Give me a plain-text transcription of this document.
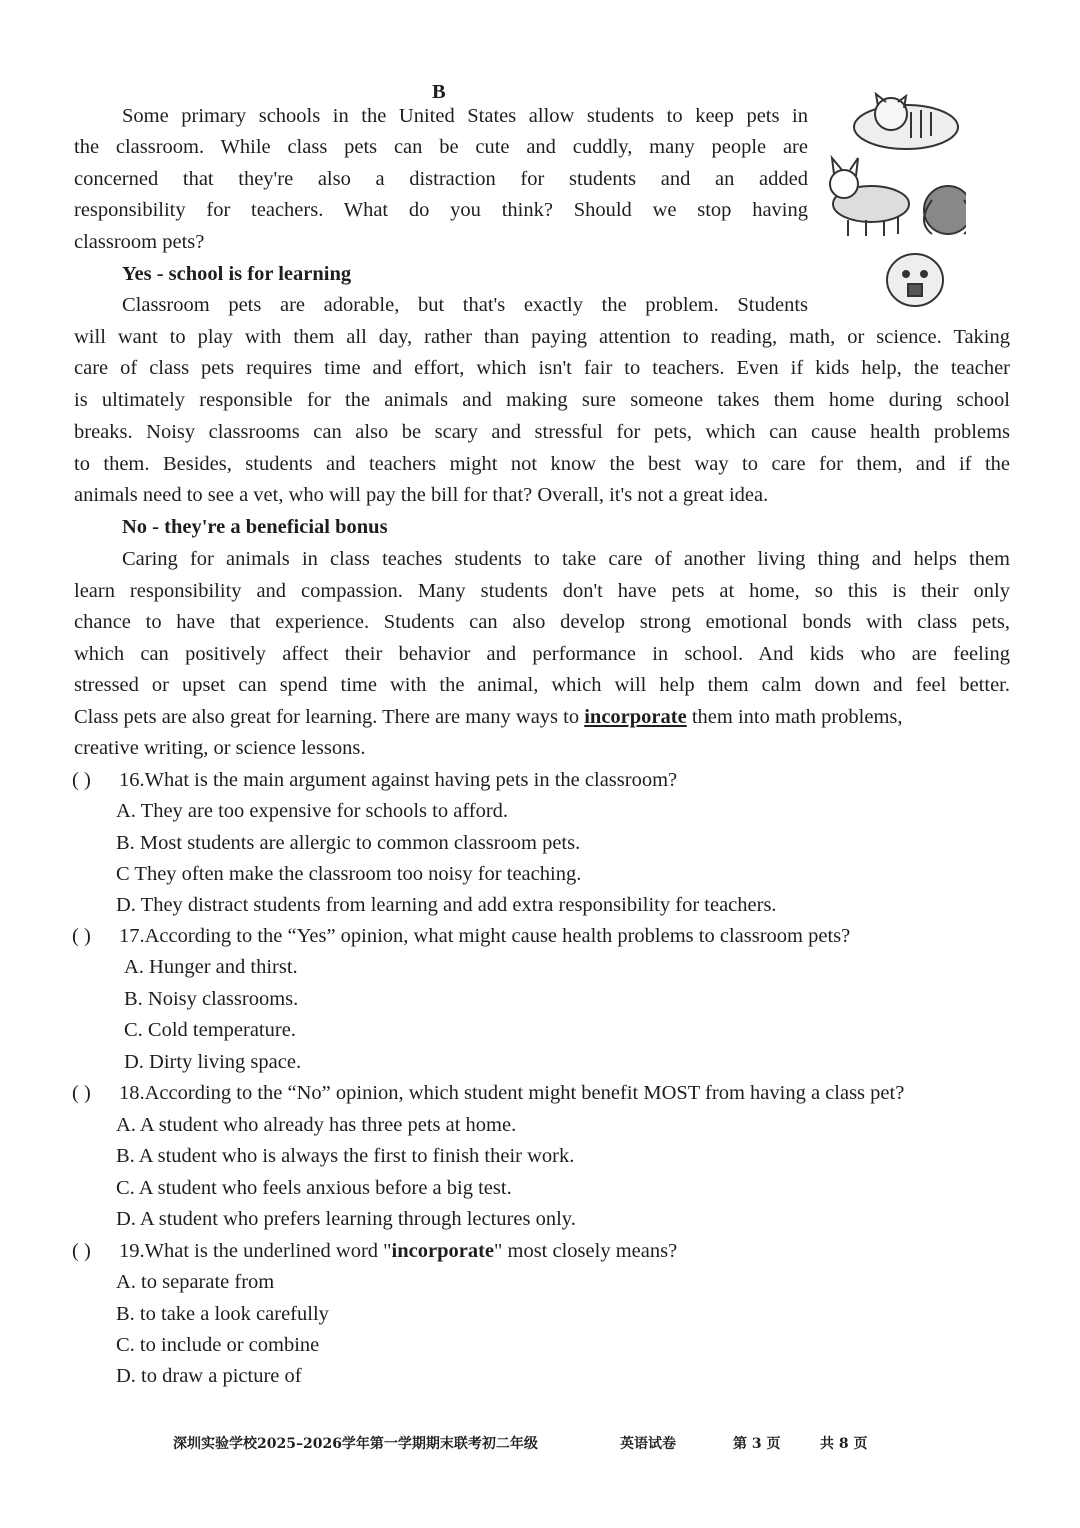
B
Some primary schools in the United States allow students to keep pets in
the classroom. While class pets can be cute and cuddly, many people are
concerned that they're also a distraction for students and an added
responsibility for teachers. What do you think? Should we stop having
classroom pets?
Yes - school is for learning
Classroom pets are adorable, but that's exactly the problem. Students
will want to play with them all day, rather than paying attention to reading, math, or science. Taking
care of class pets requires time and effort, which isn't fair to teachers. Even if kids help, the teacher
is ultimately responsible for the animals and making sure someone takes them home during school
breaks. Noisy classrooms can also be scary and stressful for pets, which can cause health problems
to them. Besides, students and teachers might not know the best way to care for them, and if the
animals need to see a vet, who will pay the bill for that? Overall, it's not a great idea.
No - they're a beneficial bonus
Caring for animals in class teaches students to take care of another living thing and helps them
learn responsibility and compassion. Many students don't have pets at home, so this is their only
chance to have that experience. Students can also develop strong emotional bonds with class pets,
which can positively affect their behavior and performance in school. And kids who are feeling
stressed or upset can spend time with the animal, which will help them calm down and feel better.
Class pets are also great for learning. There are many ways to incorporate them into math problems,
creative writing, or science lessons.
( ) 16.What is the main argument against having pets in the classroom?
A. They are too expensive for schools to afford.
B. Most students are allergic to common classroom pets.
C They often make the classroom too noisy for teaching.
D. They distract students from learning and add extra responsibility for teachers.
( ) 17.According to the “Yes” opinion, what might cause health problems to classroom pets?
A. Hunger and thirst.
B. Noisy classrooms.
C. Cold temperature.
D. Dirty living space.
( ) 18.According to the “No” opinion, which student might benefit MOST from having a class pet?
A. A student who already has three pets at home.
B. A student who is always the first to finish their work.
C. A student who feels anxious before a big test.
D. A student who prefers learning through lectures only.
( ) 19.What is the underlined word "incorporate" most closely means?
A. to separate from
B. to take a look carefully
C. to include or combine
D. to draw a picture of
深圳实验学校2025–2026学年第一学期期末联考初二年级	英语试卷	第 3 页	共 8 页
